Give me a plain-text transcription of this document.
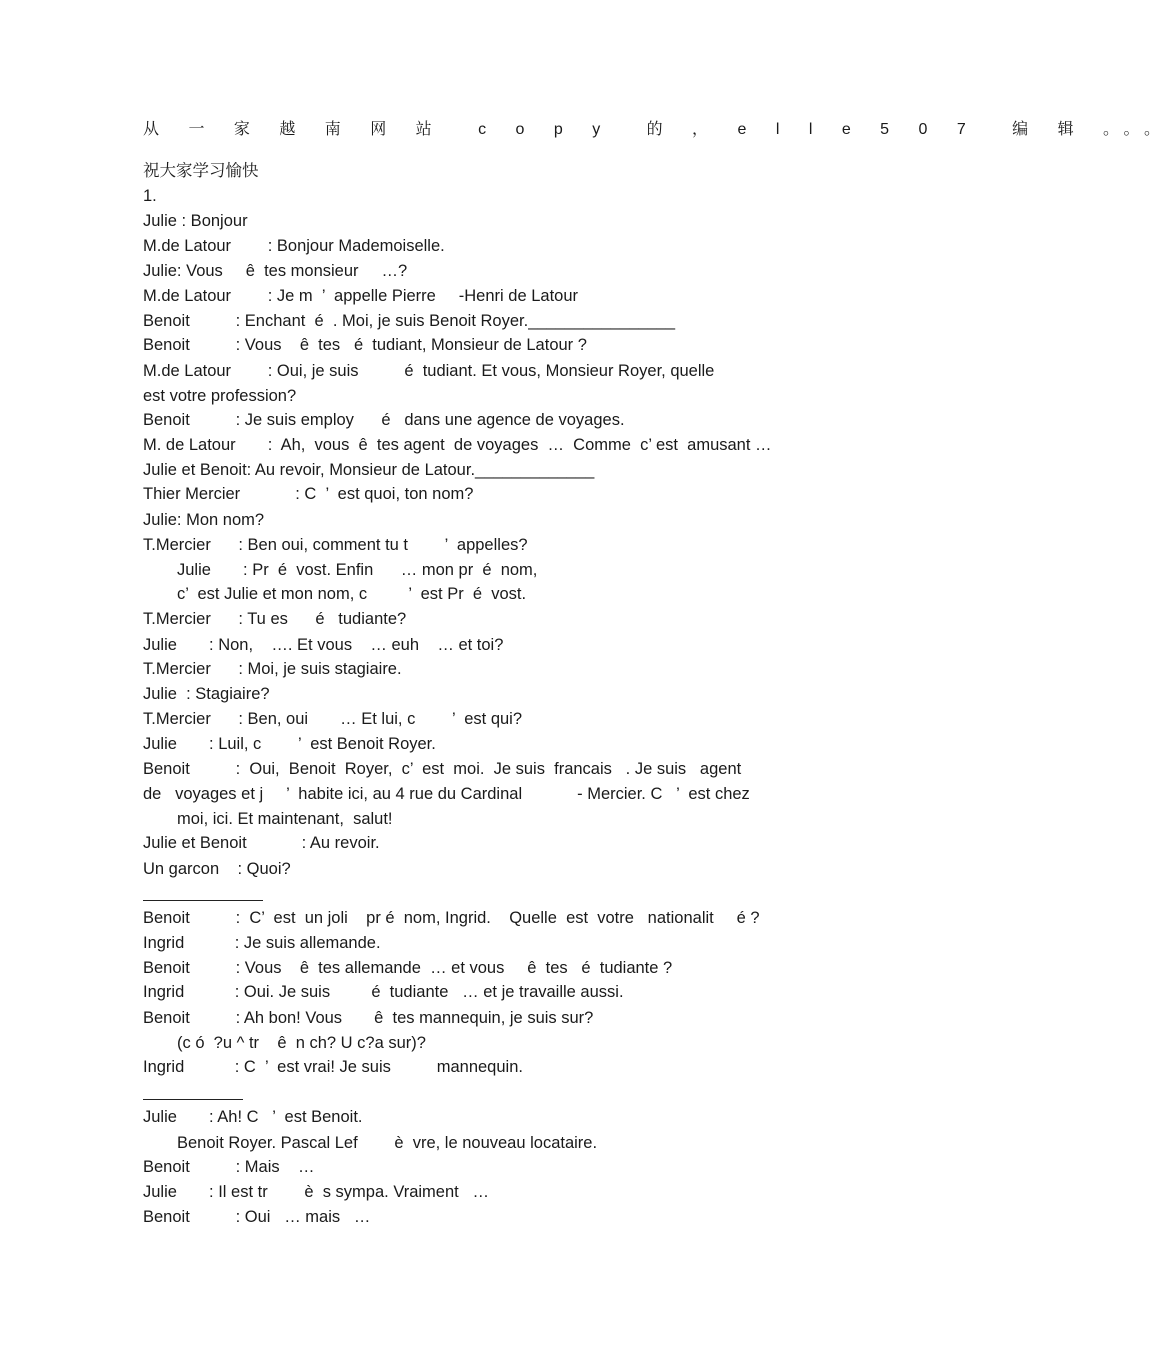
从 一 家 越 南 网 站  c o p y  的 ， e l l e 5 0 7  编 辑 。。。
祝大家学习愉快
1.
Julie : Bonjour
M.de Latour        : Bonjour Mademoiselle.
Julie: Vous     ê  tes monsieur     …?
M.de Latour        : Je m  ’  appelle Pierre     -Henri de Latour
Benoit          : Enchant  é  . Moi, je suis Benoit Royer.________________
Benoit          : Vous    ê  tes   é  tudiant, Monsieur de Latour ?
M.de Latour        : Oui, je suis          é  tudiant. Et vous, Monsieur Royer, quelle
est votre profession?
Benoit          : Je suis employ      é   dans une agence de voyages.
M. de Latour       :  Ah,  vous  ê  tes agent  de voyages  …  Comme  c’ est  amusant …
Julie et Benoit: Au revoir, Monsieur de Latour._____________
Thier Mercier            : C  ’  est quoi, ton nom?
Julie: Mon nom?
T.Mercier      : Ben oui, comment tu t        ’  appelles?
Julie       : Pr  é  vost. Enfin      … mon pr  é  nom,
c’  est Julie et mon nom, c         ’  est Pr  é  vost.
T.Mercier      : Tu es      é   tudiante?
Julie       : Non,    …. Et vous    … euh    … et toi?
T.Mercier      : Moi, je suis stagiaire.
Julie  : Stagiaire?
T.Mercier      : Ben, oui       … Et lui, c        ’  est qui?
Julie       : Luil, c        ’  est Benoit Royer.
Benoit          :  Oui,  Benoit  Royer,  c’  est  moi.  Je suis  francais   . Je suis   agent
de   voyages et j     ’  habite ici, au 4 rue du Cardinal            - Mercier. C   ’  est chez
moi, ici. Et maintenant,  salut!
Julie et Benoit            : Au revoir.
Un garcon    : Quoi?
Benoit          :  C’  est  un joli    pr é  nom, Ingrid.    Quelle  est  votre   nationalit     é ?
Ingrid           : Je suis allemande.
Benoit          : Vous    ê  tes allemande  … et vous     ê  tes   é  tudiante ?
Ingrid           : Oui. Je suis         é  tudiante   … et je travaille aussi.
Benoit          : Ah bon! Vous       ê  tes mannequin, je suis sur?
(c ó  ?u ^ tr    ê  n ch? U c?a sur)?
Ingrid           : C  ’  est vrai! Je suis          mannequin.
Julie       : Ah! C   ’  est Benoit.
Benoit Royer. Pascal Lef        è  vre, le nouveau locataire.
Benoit          : Mais    …
Julie       : Il est tr        è  s sympa. Vraiment   …
Benoit          : Oui   … mais   …
